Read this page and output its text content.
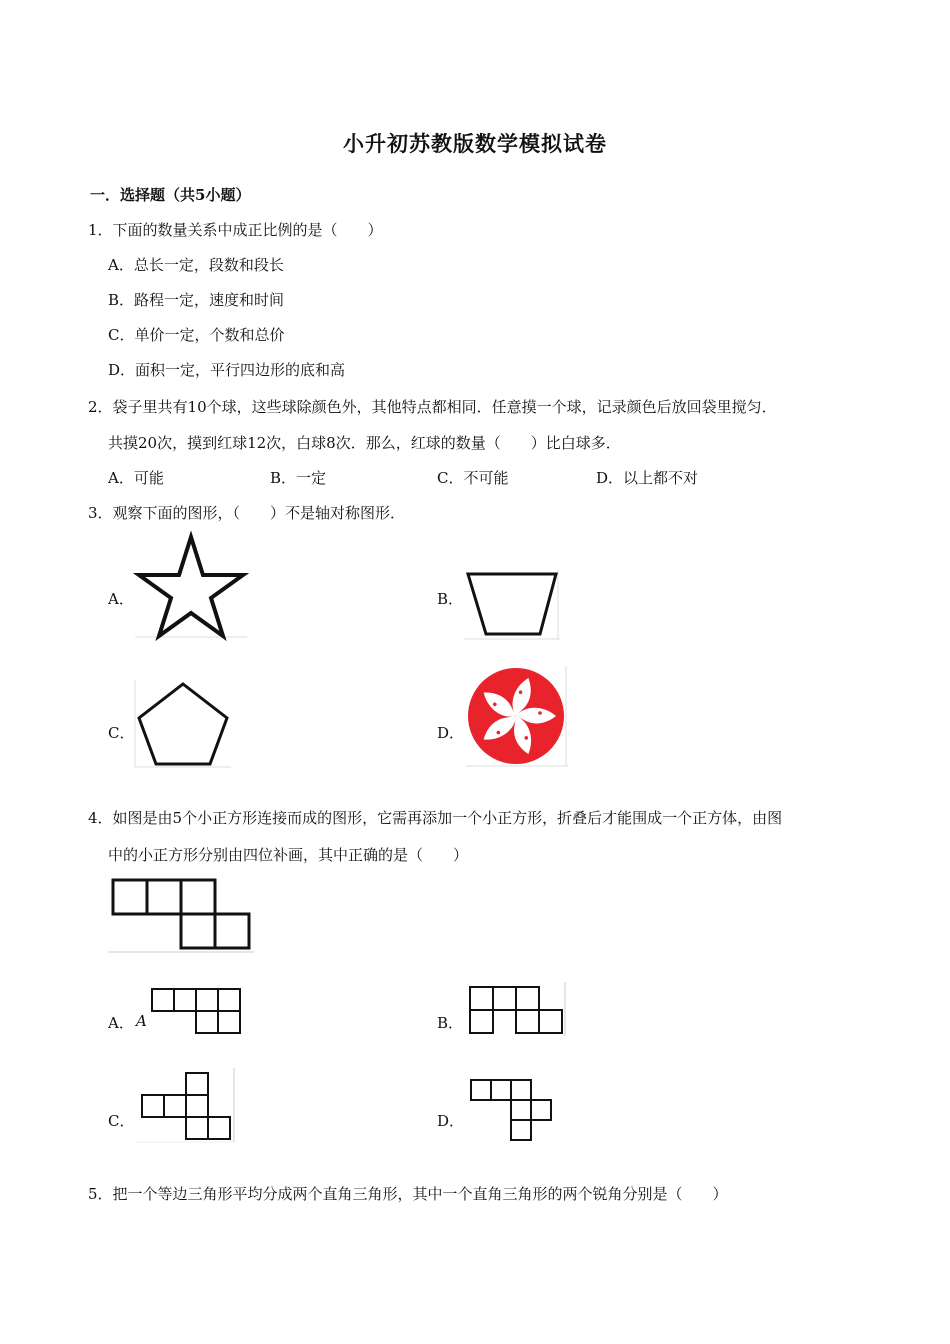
小升初苏教版数学模拟试卷
一．选择题（共5小题）
1．下面的数量关系中成正比例的是（　　）
A．总长一定，段数和段长
B．路程一定，速度和时间
C．单价一定，个数和总价
D．面积一定，平行四边形的底和高
2．袋子里共有10个球，这些球除颜色外，其他特点都相同．任意摸一个球，记录颜色后放回袋里搅匀．
共摸20次，摸到红球12次，白球8次．那么，红球的数量（　　）比白球多．
A．可能	B．一定	C．不可能	D．以上都不对
3．观察下面的图形，（　　）不是轴对称图形．
A．	B．
C．	D．
4．如图是由5个小正方形连接而成的图形，它需再添加一个小正方形，折叠后才能围成一个正方体，由图
中的小正方形分别由四位补画，其中正确的是（　　）
A． A	B．
C．	D．
5．把一个等边三角形平均分成两个直角三角形，其中一个直角三角形的两个锐角分别是（　　）
